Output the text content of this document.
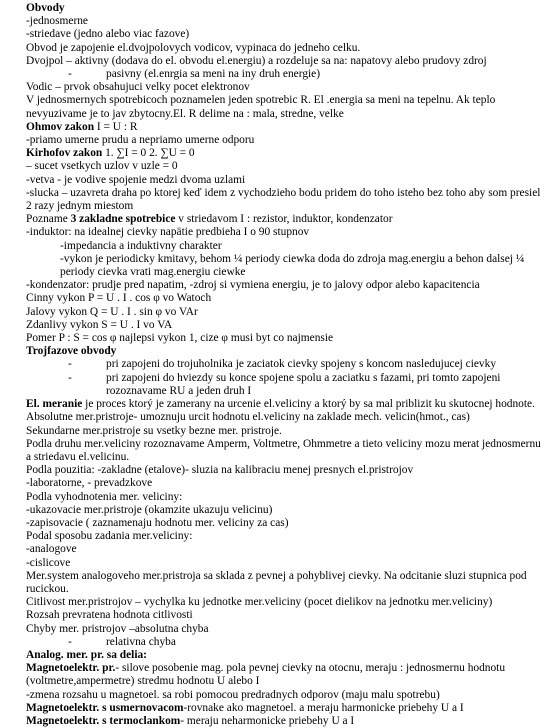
Obvody
-jednosmerne
-striedave (jedno alebo viac fazove)
Obvod je zapojenie el.dvojpolovych vodicov, vypinaca do jedneho celku.
Dvojpol – aktivny (dodava do el. obvodu el.energiu) a rozdeluje sa na: napatovy alebo prudovy zdroj
-	pasivny (el.enrgia sa meni na iny druh energie)
Vodic – prvok obsahujuci velky pocet elektronov
V jednosmernych spotrebicoch poznamelen jeden spotrebic R. El .energia sa meni na tepelnu. Ak teplo nevyuzivame je to jav zbytocny.El. R delime na : mala, stredne, velke
Ohmov zakon I = U : R
-priamo umerne prudu a nepriamo umerne odporu
Kirhofov zakon 1. ∑I = 0 2. ∑U = 0
– sucet vsetkych uzlov v uzle = 0
-vetva - je vodive spojenie medzi dvoma uzlami
-slucka – uzavreta draha po ktorej keď idem z vychodzieho bodu pridem do toho isteho bez toho aby som presiel 2 razy jednym miestom
Pozname 3 zakladne spotrebice v striedavom I : rezistor, induktor, kondenzator
-induktor: na idealnej cievky napätie predbieha I o 90 stupnov
-impedancia a induktivny charakter
-vykon je periodicky kmitavy, behom ¼ periody ciewka doda do zdroja mag.energiu a behon dalsej ¼ periody cievka vrati mag.energiu ciewke
-kondenzator: prudje pred napatim, -zdroj si vymiena energiu, je to jalovy odpor alebo kapacitencia
Cinny vykon P = U . I . cos φ vo Watoch
Jalovy vykon Q = U . I . sin φ vo VAr
Zdanlivy vykon S = U . I vo VA
Pomer P : S = cos φ najlepsi vykon 1, cize φ musi byt co najmensie
Trojfazove obvody
-	pri zapojeni do trojuholnika je zaciatok cievky spojeny s koncom nasledujucej cievky
-	pri zapojeni do hviezdy su konce spojene spolu a zaciatku s fazami, pri tomto zapojeni rozoznavame RU a jeden druh I
El. meranie je proces ktorý je zamerany na urcenie el.veliciny a ktorý by sa mal priblizit ku skutocnej hodnote.
Absolutne mer.pristroje- umoznuju urcit hodnotu el.veliciny na zaklade mech. velicin(hmot., cas)
Sekundarne mer.pristroje su vsetky bezne mer. pristroje.
Podla druhu mer.veliciny rozoznavame Amperm, Voltmetre, Ohmmetre a tieto veliciny mozu merat jednosmernu a striedavu el.velicinu.
Podla pouzitia: -zakladne (etalove)- sluzia na kalibraciu menej presnych el.pristrojov
-laboratorne, - prevadzkove
Podla vyhodnotenia mer. veliciny:
-ukazovacie mer.pristroje (okamzite ukazuju velicinu)
-zapisovacie ( zaznamenaju hodnotu mer. veliciny za cas)
Podal sposobu zadania mer.veliciny:
-analogove
-cislicove
Mer.system analogoveho mer.pristroja sa sklada z pevnej a pohyblivej cievky. Na odcitanie sluzi stupnica pod rucickou.
Citlivost mer.pristrojov – vychylka ku jednotke mer.veliciny (pocet dielikov na jednotku mer.veliciny)
Rozsah prevratena hodnota citlivosti
Chyby mer. pristrojov –absolutna chyba
-	relativna chyba
Analog. mer. pr. sa delia:
Magnetoelektr. pr.- silove posobenie mag. pola pevnej cievky na otocnu, meraju : jednosmernu hodnotu (voltmetre,ampermetre) stredmu hodnotu U alebo I
-zmena rozsahu u magnetoel. sa robi pomocou predradnych odporov (maju malu spotrebu)
Magnetoelektr. s usmernovacom-rovnake ako magnetoel. a meraju harmonicke priebehy U a I
Magnetoelektr. s termoclankom- meraju neharmonicke priebehy U a I
